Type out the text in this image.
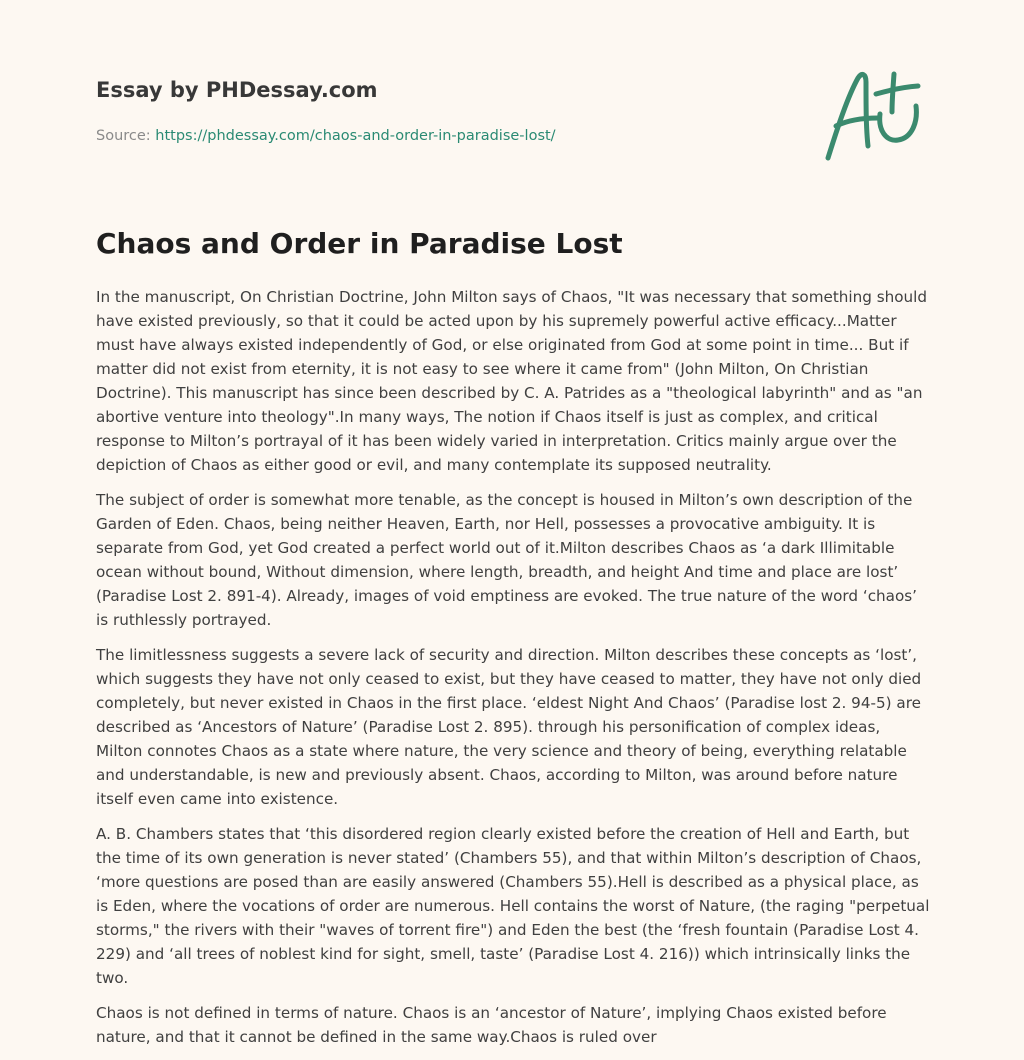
Essay by PHDessay.com
Source: https://phdessay.com/chaos-and-order-in-paradise-lost/
Chaos and Order in Paradise Lost

In the manuscript, On Christian Doctrine, John Milton says of Chaos, "It was necessary that something should have existed previously, so that it could be acted upon by his supremely powerful active efficacy...Matter must have always existed independently of God, or else originated from God at some point in time... But if matter did not exist from eternity, it is not easy to see where it came from" (John Milton, On Christian Doctrine). This manuscript has since been described by C. A. Patrides as a "theological labyrinth" and as "an abortive venture into theology".In many ways, The notion if Chaos itself is just as complex, and critical response to Milton’s portrayal of it has been widely varied in interpretation. Critics mainly argue over the depiction of Chaos as either good or evil, and many contemplate its supposed neutrality.

The subject of order is somewhat more tenable, as the concept is housed in Milton’s own description of the Garden of Eden. Chaos, being neither Heaven, Earth, nor Hell, possesses a provocative ambiguity. It is separate from God, yet God created a perfect world out of it.Milton describes Chaos as ‘a dark Illimitable ocean without bound, Without dimension, where length, breadth, and height And time and place are lost’ (Paradise Lost 2. 891-4). Already, images of void emptiness are evoked. The true nature of the word ‘chaos’ is ruthlessly portrayed.

The limitlessness suggests a severe lack of security and direction. Milton describes these concepts as ‘lost’, which suggests they have not only ceased to exist, but they have ceased to matter, they have not only died completely, but never existed in Chaos in the first place. ‘eldest Night And Chaos’ (Paradise lost 2. 94-5) are described as ‘Ancestors of Nature’ (Paradise Lost 2. 895). through his personification of complex ideas, Milton connotes Chaos as a state where nature, the very science and theory of being, everything relatable and understandable, is new and previously absent. Chaos, according to Milton, was around before nature itself even came into existence.

A. B. Chambers states that ‘this disordered region clearly existed before the creation of Hell and Earth, but the time of its own generation is never stated’ (Chambers 55), and that within Milton’s description of Chaos, ‘more questions are posed than are easily answered (Chambers 55).Hell is described as a physical place, as is Eden, where the vocations of order are numerous. Hell contains the worst of Nature, (the raging "perpetual storms," the rivers with their "waves of torrent fire") and Eden the best (the ‘fresh fountain (Paradise Lost 4. 229) and ‘all trees of noblest kind for sight, smell, taste’ (Paradise Lost 4. 216)) which intrinsically links the two.

Chaos is not defined in terms of nature. Chaos is an ‘ancestor of Nature’, implying Chaos existed before nature, and that it cannot be defined in the same way.Chaos is ruled over
